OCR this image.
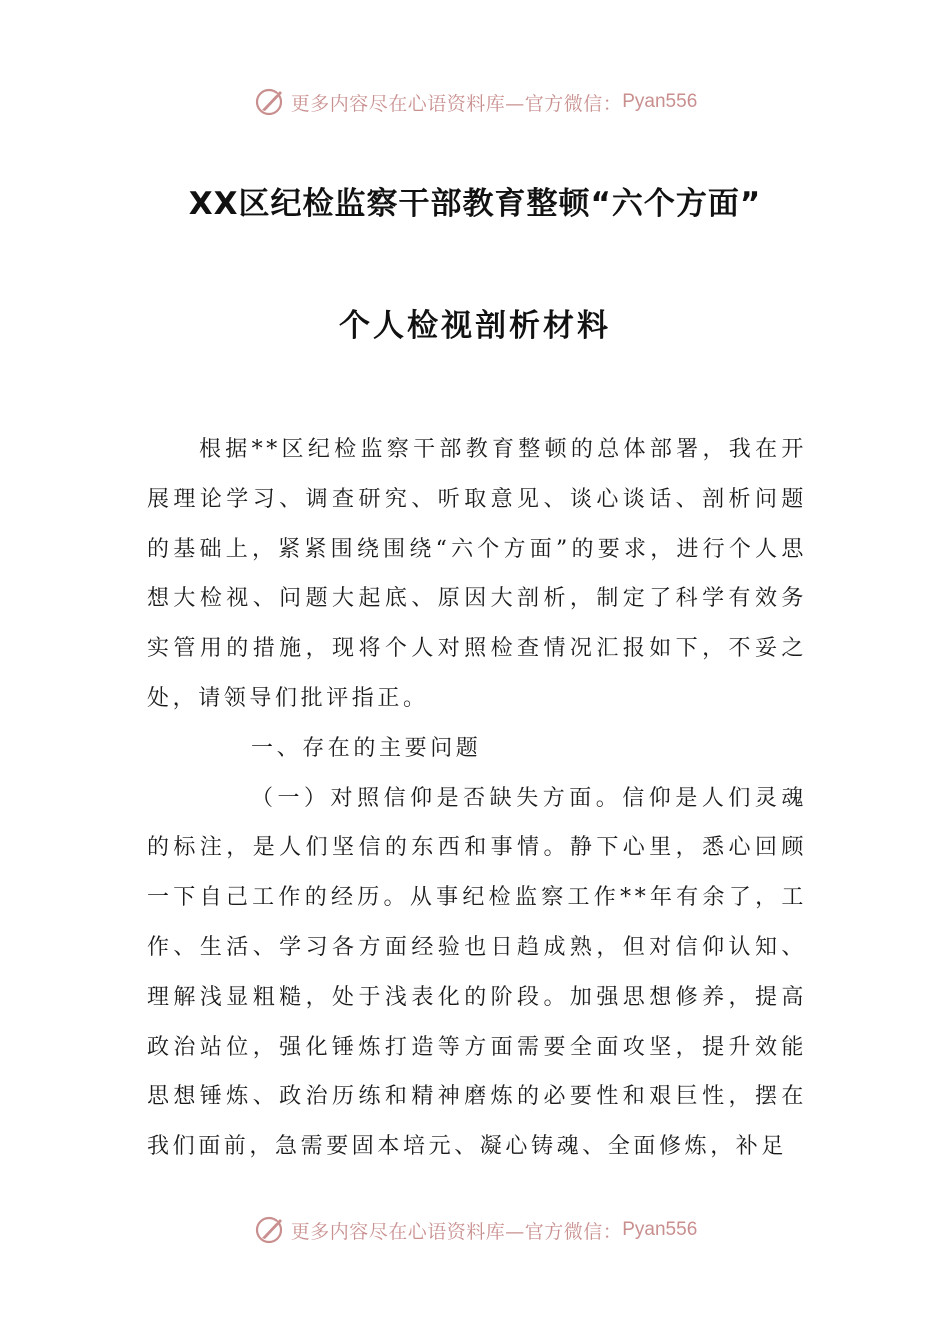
更多内容尽在心语资料库—官方微信： Pyan556
XX区纪检监察干部教育整顿“六个方面”
个人检视剖析材料

根据**区纪检监察干部教育整顿的总体部署，我在开展理论学习、调查研究、听取意见、谈心谈话、剖析问题的基础上，紧紧围绕围绕“六个方面”的要求，进行个人思想大检视、问题大起底、原因大剖析，制定了科学有效务实管用的措施，现将个人对照检查情况汇报如下，不妥之处，请领导们批评指正。

一、存在的主要问题

（一）对照信仰是否缺失方面。信仰是人们灵魂的标注，是人们坚信的东西和事情。静下心里，悉心回顾一下自己工作的经历。从事纪检监察工作**年有余了，工作、生活、学习各方面经验也日趋成熟，但对信仰认知、理解浅显粗糙，处于浅表化的阶段。加强思想修养，提高政治站位，强化锤炼打造等方面需要全面攻坚，提升效能思想锤炼、政治历练和精神磨炼的必要性和艰巨性，摆在我们面前，急需要固本培元、凝心铸魂、全面修炼，补足

更多内容尽在心语资料库—官方微信： Pyan556
